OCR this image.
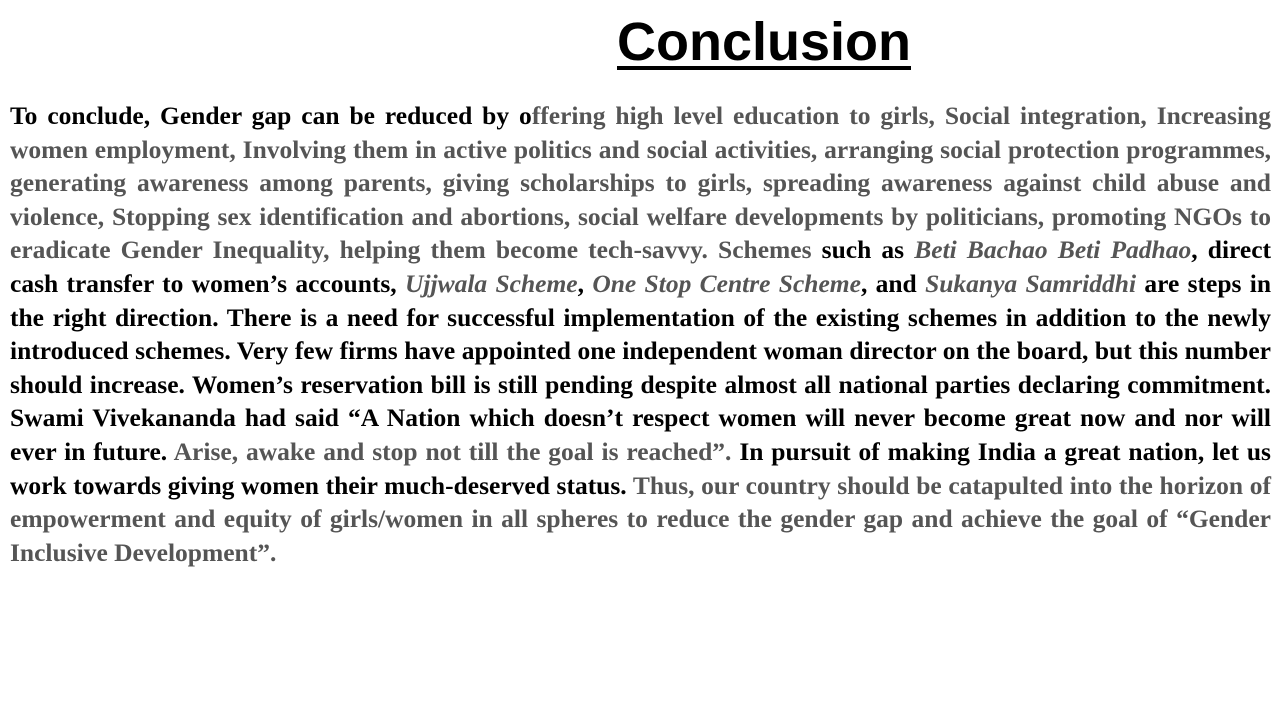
Conclusion

To conclude, Gender gap can be reduced by offering high level education to girls, Social integration, Increasing women employment, Involving them in active politics and social activities, arranging social protection programmes, generating awareness among parents, giving scholarships to girls, spreading awareness against child abuse and violence, Stopping sex identification and abortions, social welfare developments by politicians, promoting NGOs to eradicate Gender Inequality, helping them become tech-savvy. Schemes such as Beti Bachao Beti Padhao, direct cash transfer to women’s accounts, Ujjwala Scheme, One Stop Centre Scheme, and Sukanya Samriddhi are steps in the right direction. There is a need for successful implementation of the existing schemes in addition to the newly introduced schemes. Very few firms have appointed one independent woman director on the board, but this number should increase. Women’s reservation bill is still pending despite almost all national parties declaring commitment. Swami Vivekananda had said “A Nation which doesn’t respect women will never become great now and nor will ever in future. Arise, awake and stop not till the goal is reached”. In pursuit of making India a great nation, let us work towards giving women their much-deserved status. Thus, our country should be catapulted into the horizon of empowerment and equity of girls/women in all spheres to reduce the gender gap and achieve the goal of “Gender Inclusive Development”.
